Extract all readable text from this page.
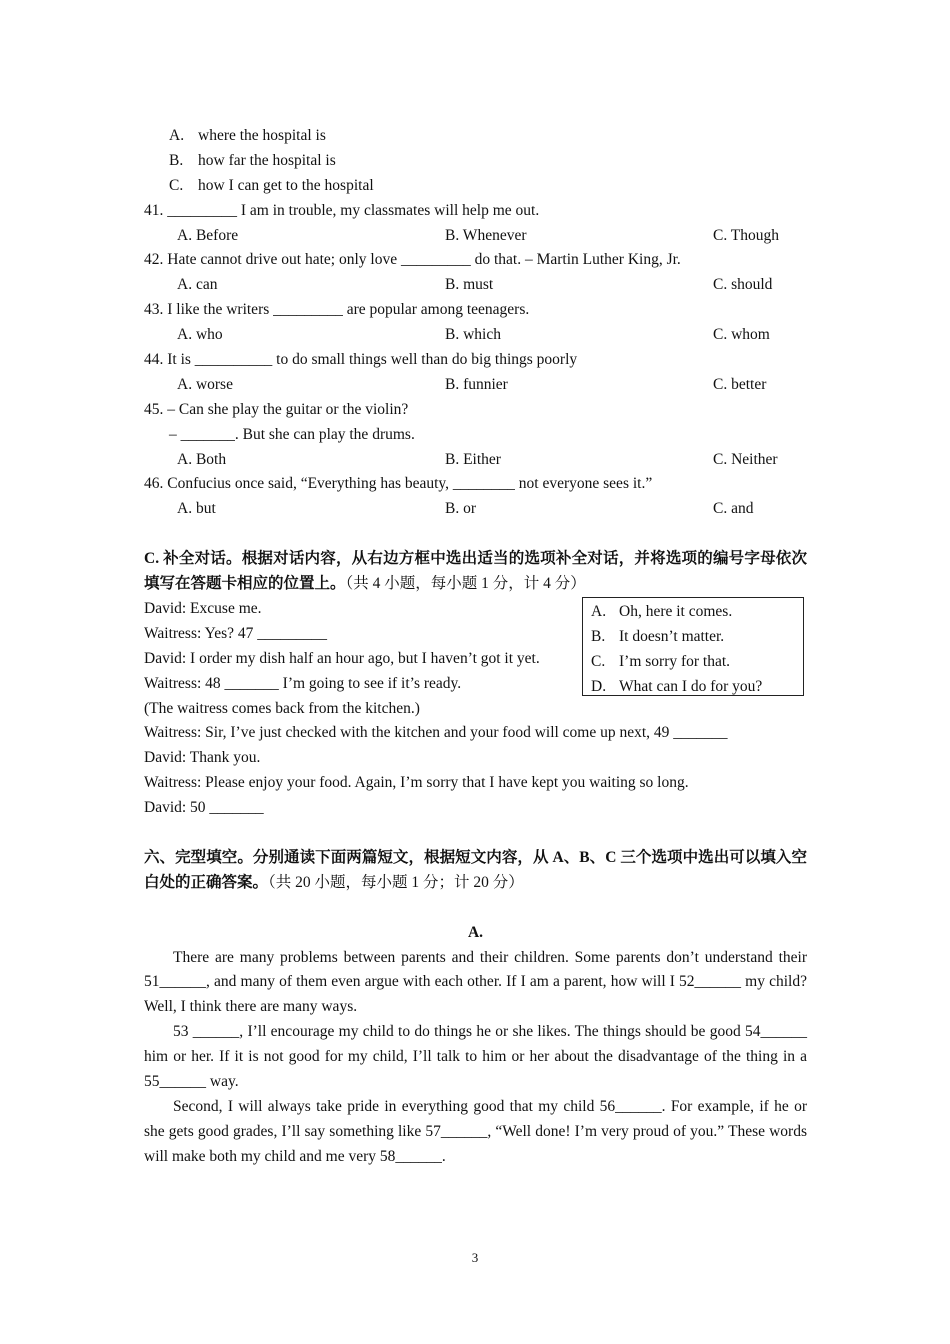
A. where the hospital is
B. how far the hospital is
C. how I can get to the hospital
41. _________ I am in trouble, my classmates will help me out.
A. Before	B. Whenever	C. Though
42. Hate cannot drive out hate; only love _________ do that. – Martin Luther King, Jr.
A. can	B. must	C. should
43. I like the writers _________ are popular among teenagers.
A. who	B. which	C. whom
44. It is __________ to do small things well than do big things poorly
A. worse	B. funnier	C. better
45. – Can she play the guitar or the violin?
– _______. But she can play the drums.
A. Both	B. Either	C. Neither
46. Confucius once said, “Everything has beauty, ________ not everyone sees it.”
A. but	B. or	C. and
C. 补全对话。根据对话内容，从右边方框中选出适当的选项补全对话，并将选项的编号字母依次填写在答题卡相应的位置上。（共 4 小题，每小题 1 分，计 4 分）
David: Excuse me.	A. Oh, here it comes.
B. It doesn’t matter.
C. I’m sorry for that.
D. What can I do for you?
Waitress: Yes? 47 _________
David: I order my dish half an hour ago, but I haven’t got it yet.
Waitress: 48 _______ I’m going to see if it’s ready.
(The waitress comes back from the kitchen.)
Waitress: Sir, I’ve just checked with the kitchen and your food will come up next, 49 _______
David: Thank you.
Waitress: Please enjoy your food. Again, I’m sorry that I have kept you waiting so long.
David: 50 _______
六、完型填空。分别通读下面两篇短文，根据短文内容，从 A、B、C 三个选项中选出可以填入空白处的正确答案。（共 20 小题，每小题 1 分；计 20 分）
A.
There are many problems between parents and their children. Some parents don’t understand their 51______, and many of them even argue with each other. If I am a parent, how will I 52______ my child? Well, I think there are many ways.
53 ______, I’ll encourage my child to do things he or she likes. The things should be good 54______ him or her. If it is not good for my child, I’ll talk to him or her about the disadvantage of the thing in a 55______ way.
Second, I will always take pride in everything good that my child 56______. For example, if he or she gets good grades, I’ll say something like 57______, “Well done! I’m very proud of you.” These words will make both my child and me very 58______.
3
